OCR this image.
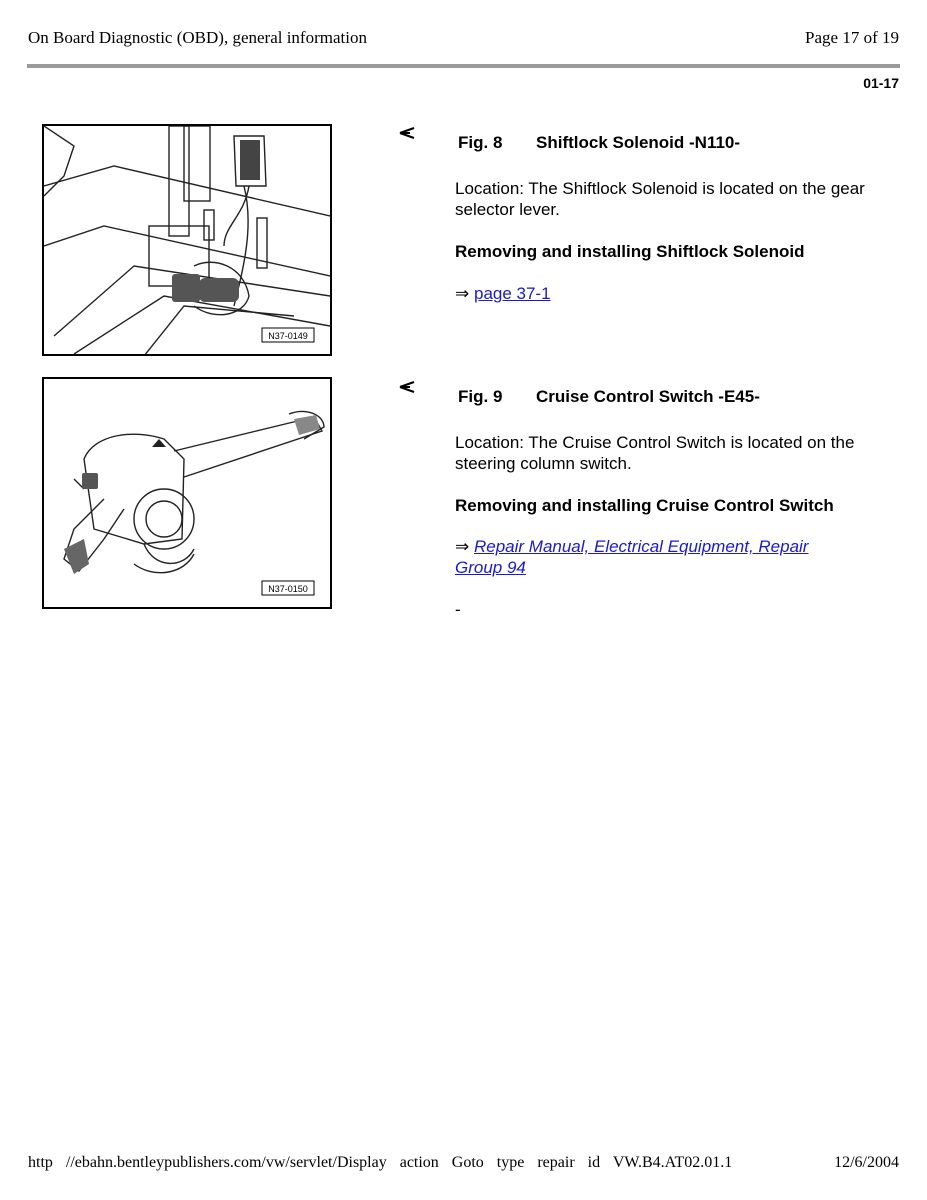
On Board Diagnostic (OBD), general information	Page 17 of 19
01-17
N37-0149
Fig. 8 Shiftlock Solenoid -N110-
Location: The Shiftlock Solenoid is located on the gear selector lever.
Removing and installing Shiftlock Solenoid
⇒ page 37-1
N37-0150
Fig. 9 Cruise Control Switch -E45-
Location: The Cruise Control Switch is located on the steering column switch.
Removing and installing Cruise Control Switch
⇒ Repair Manual, Electrical Equipment, Repair Group 94
-
http //ebahn.bentleypublishers.com/vw/servlet/Display action Goto type repair id VW.B4.AT02.01.1	12/6/2004
